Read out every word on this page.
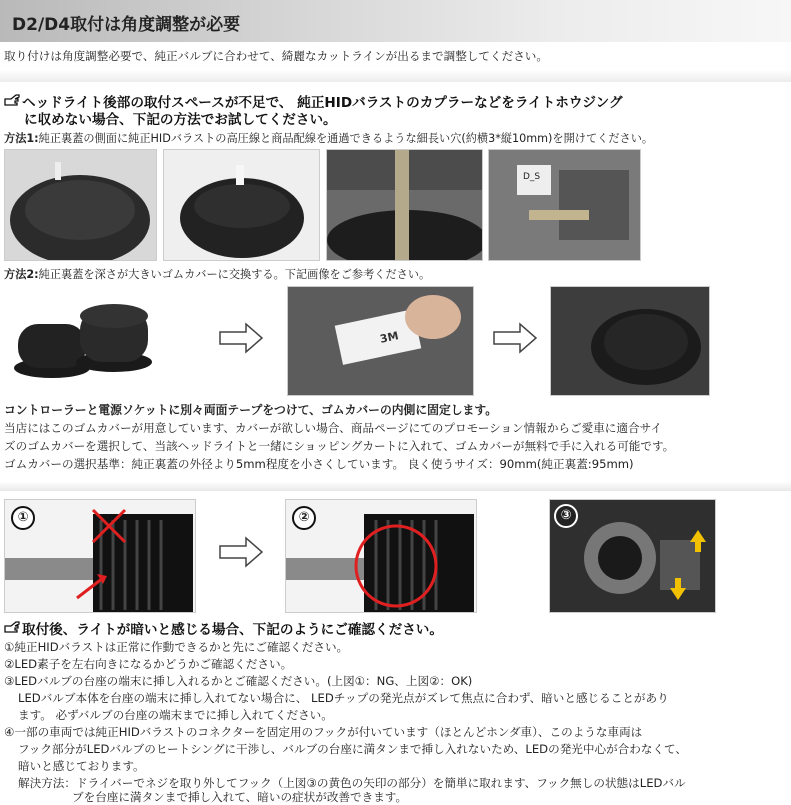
D2/D4取付は角度調整が必要
取り付けは角度調整必要で、純正バルブに合わせて、綺麗なカットラインが出るまで調整してください。
ヘッドライト後部の取付スペースが不足で、 純正HIDバラストのカプラーなどをライトホウジング
に収めない場合、下記の方法でお試してください。
方法1:純正裏蓋の側面に純正HIDバラストの高圧線と商品配線を通過できるような細長い穴(約横3*縦10mm)を開けてください。
D_S
方法2:純正裏蓋を深さが大きいゴムカバーに交換する。下記画像をご参考ください。
3M
コントローラーと電源ソケットに別々両面テープをつけて、ゴムカバーの内側に固定します。
当店にはこのゴムカバーが用意しています、カバーが欲しい場合、商品ページにてのプロモーション情報からご愛車に適合サイ
ズのゴムカバーを選択して、当該ヘッドライトと一緒にショッピングカートに入れて、ゴムカバーが無料で手に入れる可能です。
ゴムカバーの選択基準：純正裏蓋の外径より5mm程度を小さくしています。 良く使うサイズ：90mm(純正裏蓋:95mm)
①	②	③
取付後、ライトが暗いと感じる場合、下記のようにご確認ください。
①純正HIDバラストは正常に作動できるかと先にご確認ください。
②LED素子を左右向きになるかどうかご確認ください。
③LEDバルブの台座の端末に挿し入れるかとご確認ください。(上図①：NG、上図②：OK)
LEDバルブ本体を台座の端末に挿し入れてない場合に、 LEDチップの発光点がズレて焦点に合わず、暗いと感じることがあり
ます。 必ずバルブの台座の端末までに挿し入れてください。
④一部の車両では純正HIDバラストのコネクターを固定用のフックが付いています（ほとんどホンダ車）、このような車両は
フック部分がLEDバルブのヒートシングに干渉し、バルブの台座に満タンまで挿し入れないため、LEDの発光中心が合わなくて、
暗いと感じております。
解決方法：ドライバーでネジを取り外してフック（上図③の黄色の矢印の部分）を簡単に取れます、フック無しの状態はLEDバル
ブを台座に満タンまで挿し入れて、暗いの症状が改善できます。
